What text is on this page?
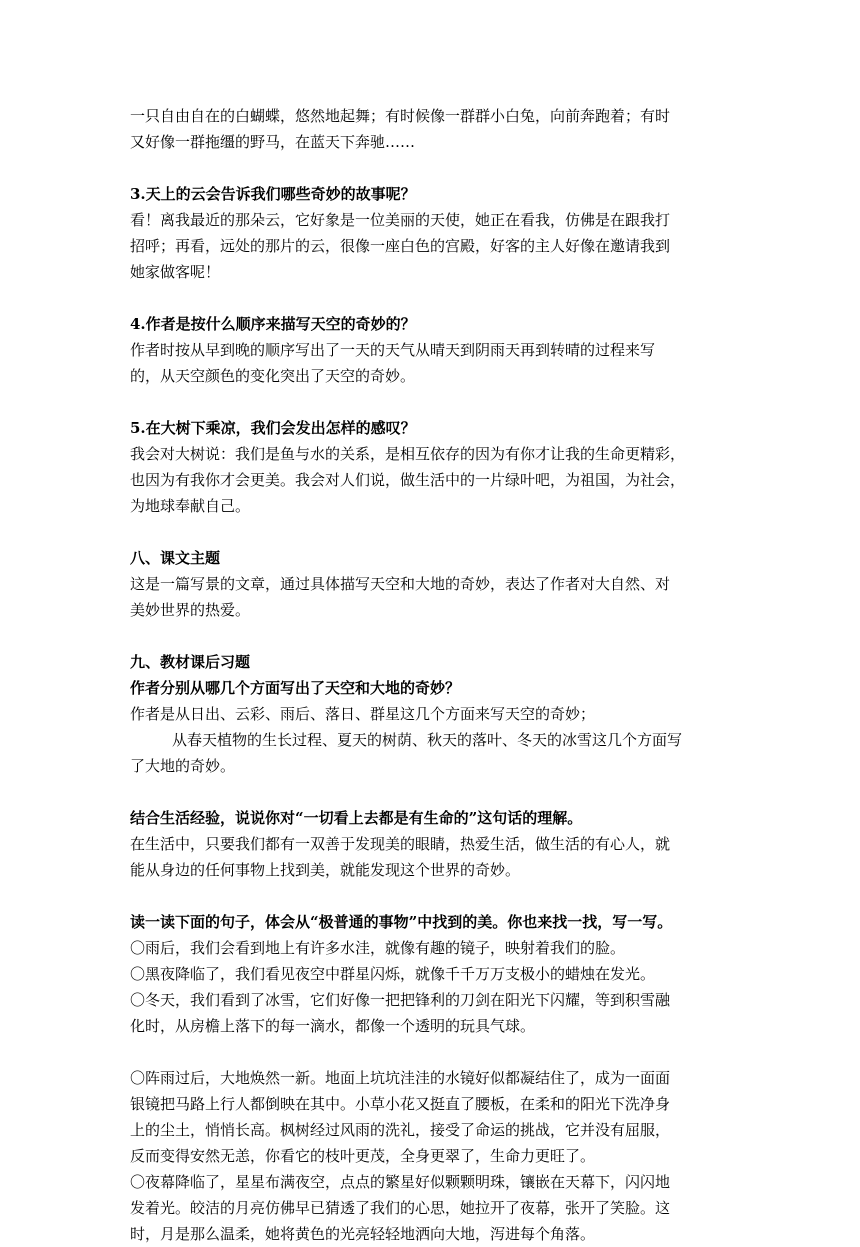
一只自由自在的白蝴蝶，悠然地起舞；有时候像一群群小白兔，向前奔跑着；有时

又好像一群拖缰的野马，在蓝天下奔驰……

3.天上的云会告诉我们哪些奇妙的故事呢？

看！离我最近的那朵云，它好象是一位美丽的天使，她正在看我，仿佛是在跟我打

招呼；再看，远处的那片的云，很像一座白色的宫殿，好客的主人好像在邀请我到

她家做客呢！

4.作者是按什么顺序来描写天空的奇妙的？

作者时按从早到晚的顺序写出了一天的天气从晴天到阴雨天再到转晴的过程来写

的，从天空颜色的变化突出了天空的奇妙。

5.在大树下乘凉，我们会发出怎样的感叹？

我会对大树说：我们是鱼与水的关系，是相互依存的因为有你才让我的生命更精彩，

也因为有我你才会更美。我会对人们说，做生活中的一片绿叶吧，为祖国，为社会，

为地球奉献自己。

八、课文主题

这是一篇写景的文章，通过具体描写天空和大地的奇妙，表达了作者对大自然、对

美妙世界的热爱。

九、教材课后习题

作者分别从哪几个方面写出了天空和大地的奇妙？

作者是从日出、云彩、雨后、落日、群星这几个方面来写天空的奇妙；

从春天植物的生长过程、夏天的树荫、秋天的落叶、冬天的冰雪这几个方面写

了大地的奇妙。

结合生活经验，说说你对“一切看上去都是有生命的”这句话的理解。

在生活中，只要我们都有一双善于发现美的眼睛，热爱生活，做生活的有心人，就

能从身边的任何事物上找到美，就能发现这个世界的奇妙。

读一读下面的句子，体会从“极普通的事物”中找到的美。你也来找一找，写一写。

〇雨后，我们会看到地上有许多水洼，就像有趣的镜子，映射着我们的脸。

〇黑夜降临了，我们看见夜空中群星闪烁，就像千千万万支极小的蜡烛在发光。

〇冬天，我们看到了冰雪，它们好像一把把锋利的刀剑在阳光下闪耀，等到积雪融

化时，从房檐上落下的每一滴水，都像一个透明的玩具气球。

〇阵雨过后，大地焕然一新。地面上坑坑洼洼的水镜好似都凝结住了，成为一面面

银镜把马路上行人都倒映在其中。小草小花又挺直了腰板，在柔和的阳光下洗净身

上的尘土，悄悄长高。枫树经过风雨的洗礼，接受了命运的挑战，它并没有屈服，

反而变得安然无恙，你看它的枝叶更茂，全身更翠了，生命力更旺了。

〇夜幕降临了，星星布满夜空，点点的繁星好似颗颗明珠，镶嵌在天幕下，闪闪地

发着光。皎洁的月亮仿佛早已猜透了我们的心思，她拉开了夜幕，张开了笑脸。这

时，月是那么温柔，她将黄色的光亮轻轻地洒向大地，泻进每个角落。
